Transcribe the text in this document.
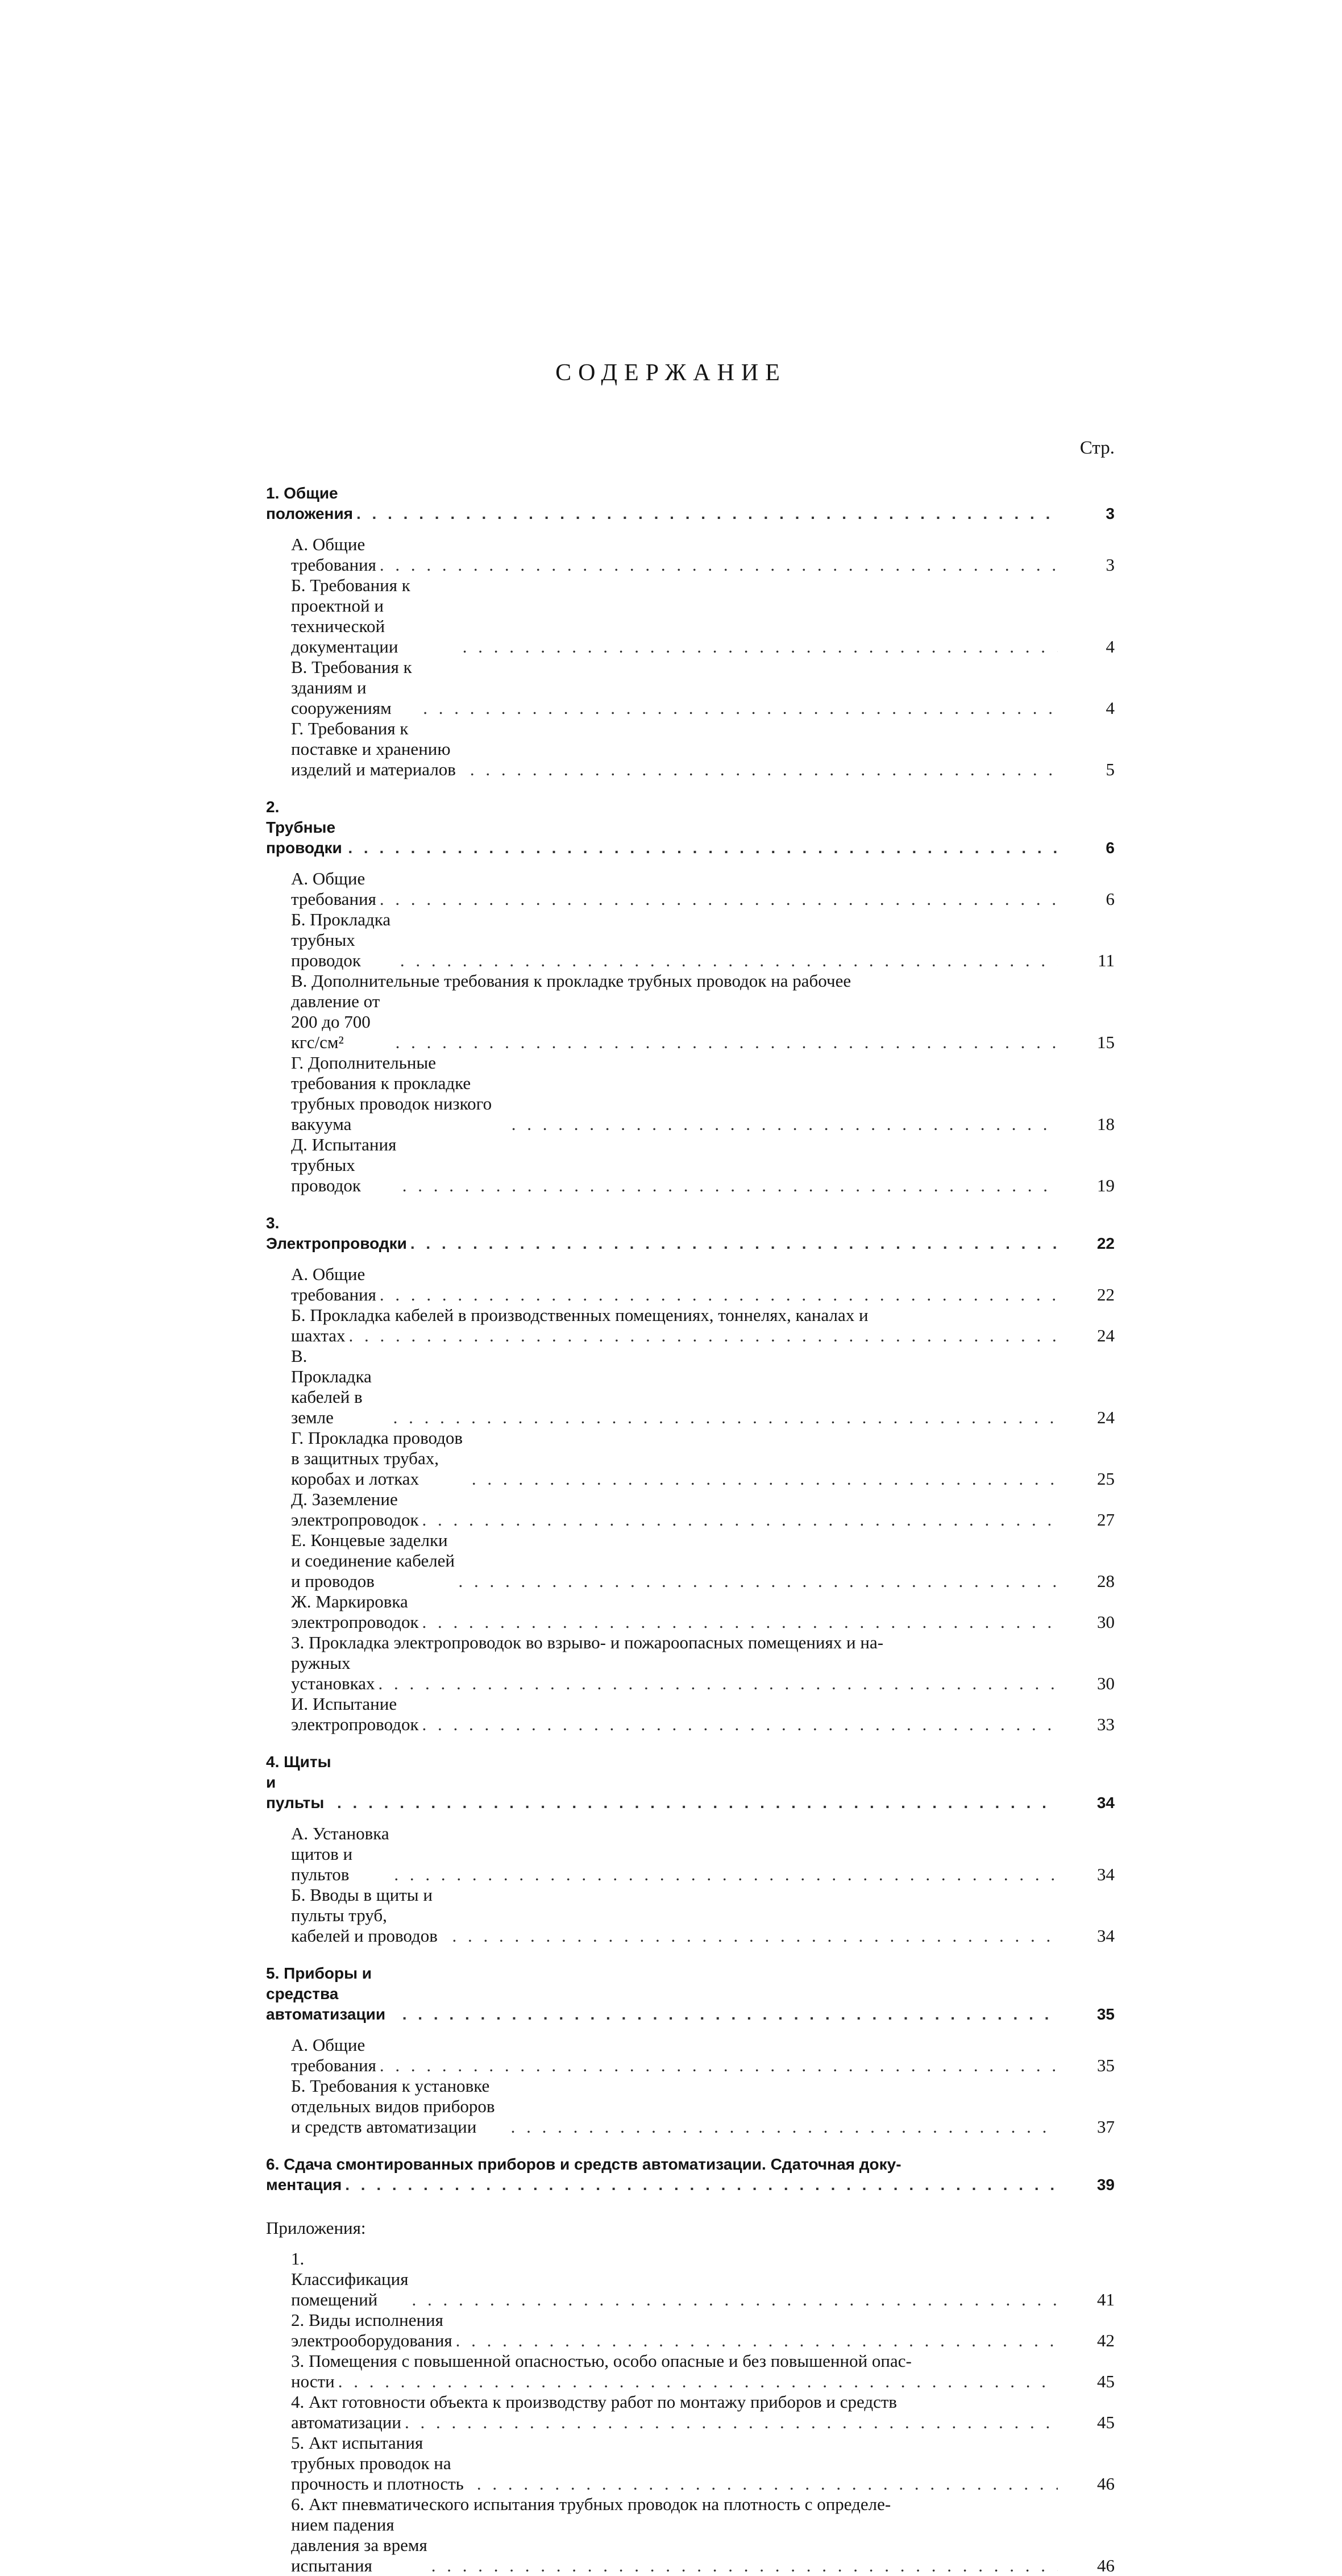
СОДЕРЖАНИЕ
Стр.
1. Общие положения . . .	3
А. Общие требования . . .	3
Б. Требования к проектной и технической документации . . .	4
В. Требования к зданиям и сооружениям . . .	4
Г. Требования к поставке и хранению изделий и материалов . . .	5
2. Трубные проводки . . .	6
А. Общие требования . . .	6
Б. Прокладка трубных проводок . . .	11
В. Дополнительные требования к прокладке трубных проводок на рабочее
давление от 200 до 700 кгс/см² . . .	15
Г. Дополнительные требования к прокладке трубных проводок низкого вакуума . . .	18
Д. Испытания трубных проводок . . .	19
3. Электропроводки . . .	22
А. Общие требования . . .	22
Б. Прокладка кабелей в производственных помещениях, тоннелях, каналах и
шахтах . . .	24
В. Прокладка кабелей в земле . . .	24
Г. Прокладка проводов в защитных трубах, коробах и лотках . . .	25
Д. Заземление электропроводок . . .	27
Е. Концевые заделки и соединение кабелей и проводов . . .	28
Ж. Маркировка электропроводок . . .	30
З. Прокладка электропроводок во взрыво- и пожароопасных помещениях и на-
ружных установках . . .	30
И. Испытание электропроводок . . .	33
4. Щиты и пульты . . .	34
А. Установка щитов и пультов . . .	34
Б. Вводы в щиты и пульты труб, кабелей и проводов . . .	34
5. Приборы и средства автоматизации . . .	35
А. Общие требования . . .	35
Б. Требования к установке отдельных видов приборов и средств автоматизации . . .	37
6. Сдача смонтированных приборов и средств автоматизации. Сдаточная доку-
ментация . . .	39
Приложения:
1. Классификация помещений . . .	41
2. Виды исполнения электрооборудования . . .	42
3. Помещения с повышенной опасностью, особо опасные и без повышенной опас-
ности . . .	45
4. Акт готовности объекта к производству работ по монтажу приборов и средств
автоматизации . . .	45
5. Акт испытания трубных проводок на прочность и плотность . . .	46
6. Акт пневматического испытания трубных проводок на плотность с определе-
нием падения давления за время испытания . . .	46
